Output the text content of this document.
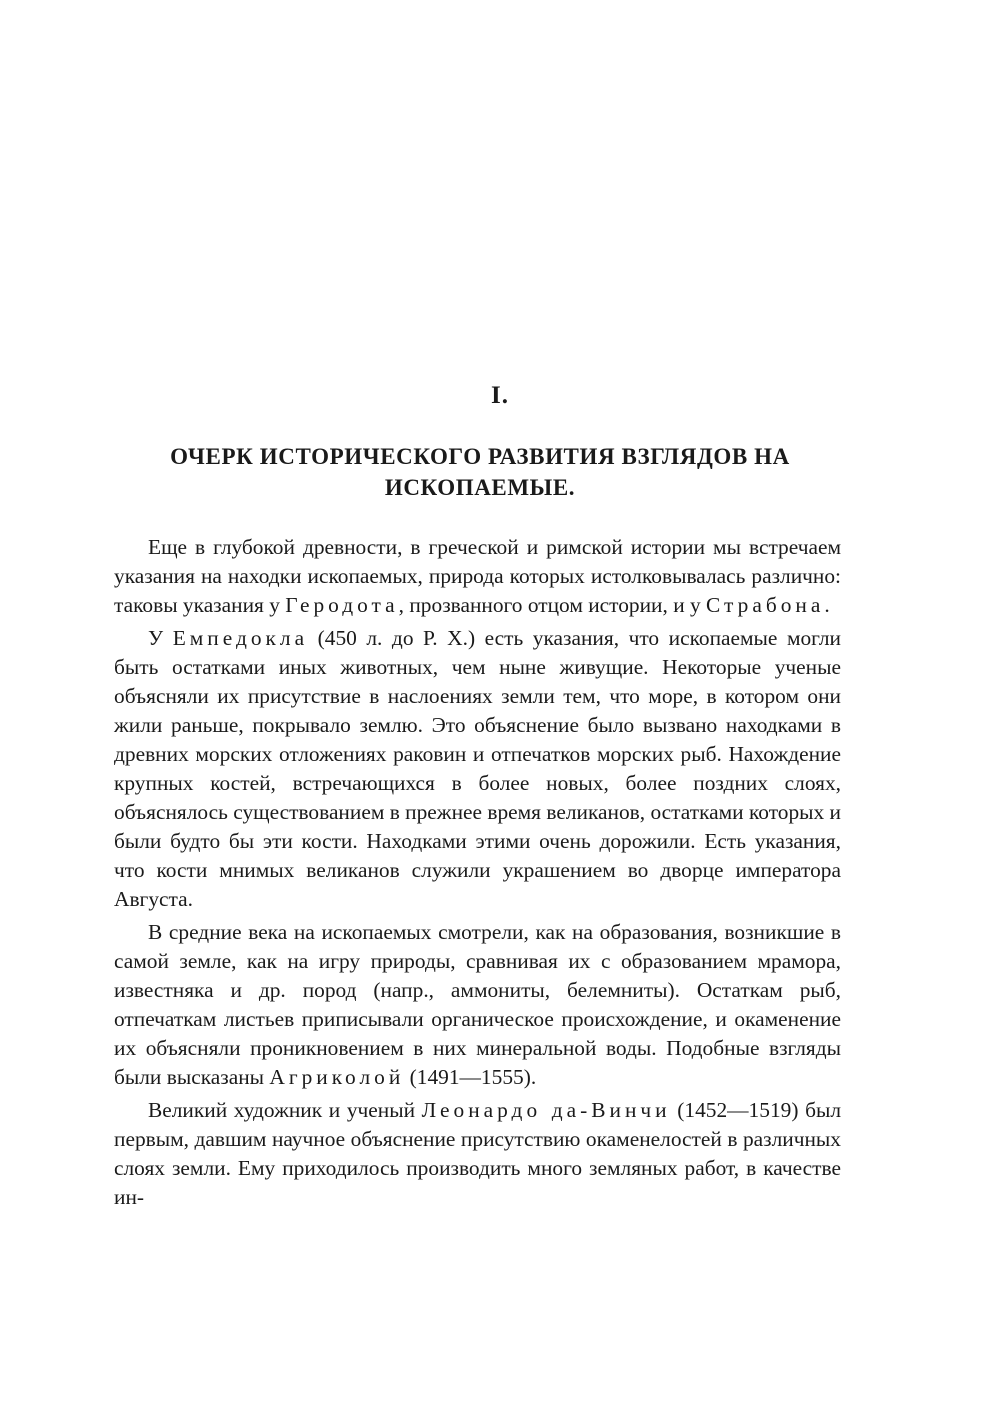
I.
ОЧЕРК ИСТОРИЧЕСКОГО РАЗВИТИЯ ВЗГЛЯДОВ НА ИСКОПАЕМЫЕ.

Еще в глубокой древности, в греческой и римской истории мы встречаем указания на находки ископаемых, природа которых истолковывалась различно: таковы указания у Геродота, прозванного отцом истории, и у Страбона.

У Емпедокла (450 л. до Р. Х.) есть указания, что ископаемые могли быть остатками иных животных, чем ныне живущие. Некоторые ученые объясняли их присутствие в наслоениях земли тем, что море, в котором они жили раньше, покрывало землю. Это объяснение было вызвано находками в древних морских отложениях раковин и отпечатков морских рыб. Нахождение крупных костей, встречающихся в более новых, более поздних слоях, объяснялось существованием в прежнее время великанов, остатками которых и были будто бы эти кости. Находками этими очень дорожили. Есть указания, что кости мнимых великанов служили украшением во дворце императора Августа.

В средние века на ископаемых смотрели, как на образования, возникшие в самой земле, как на игру природы, сравнивая их с образованием мрамора, известняка и др. пород (напр., аммониты, белемниты). Остаткам рыб, отпечаткам листьев приписывали органическое происхождение, и окаменение их объясняли проникновением в них минеральной воды. Подобные взгляды были высказаны Агриколой (1491—1555).

Великий художник и ученый Леонардо да-Винчи (1452—1519) был первым, давшим научное объяснение присутствию окаменелостей в различных слоях земли. Ему приходилось производить много земляных работ, в качестве ин-
